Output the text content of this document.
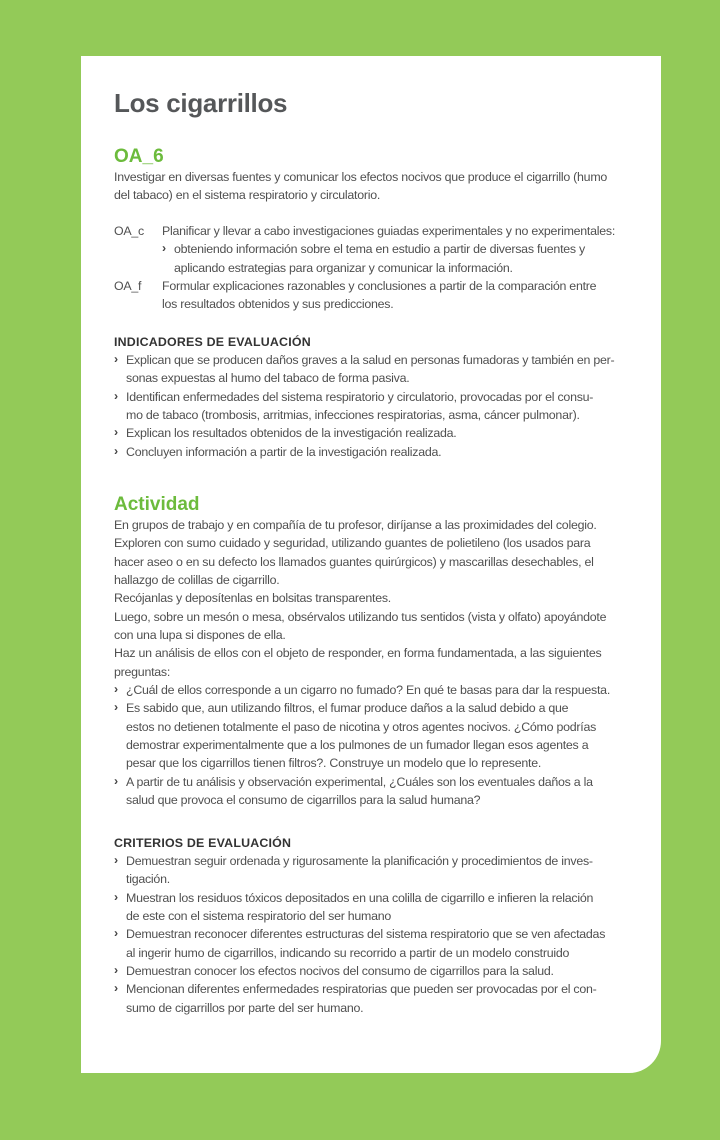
Los cigarrillos
OA_6
Investigar en diversas fuentes y comunicar los efectos nocivos que produce el cigarrillo (humo
del tabaco) en el sistema respiratorio y circulatorio.
OA_c Planificar y llevar a cabo investigaciones guiadas experimentales y no experimentales:
› obteniendo información sobre el tema en estudio a partir de diversas fuentes y
aplicando estrategias para organizar y comunicar la información.
OA_f Formular explicaciones razonables y conclusiones a partir de la comparación entre
los resultados obtenidos y sus predicciones.
INDICADORES DE EVALUACIÓN
› Explican que se producen daños graves a la salud en personas fumadoras y también en per-
sonas expuestas al humo del tabaco de forma pasiva.
› Identifican enfermedades del sistema respiratorio y circulatorio, provocadas por el consu-
mo de tabaco (trombosis, arritmias, infecciones respiratorias, asma, cáncer pulmonar).
› Explican los resultados obtenidos de la investigación realizada.
› Concluyen información a partir de la investigación realizada.
Actividad
En grupos de trabajo y en compañía de tu profesor, diríjanse a las proximidades del colegio.
Exploren con sumo cuidado y seguridad, utilizando guantes de polietileno (los usados para
hacer aseo o en su defecto los llamados guantes quirúrgicos) y mascarillas desechables, el
hallazgo de colillas de cigarrillo.
Recójanlas y deposítenlas en bolsitas transparentes.
Luego, sobre un mesón o mesa, obsérvalos utilizando tus sentidos (vista y olfato) apoyándote
con una lupa si dispones de ella.
Haz un análisis de ellos con el objeto de responder, en forma fundamentada, a las siguientes
preguntas:
› ¿Cuál de ellos corresponde a un cigarro no fumado? En qué te basas para dar la respuesta.
› Es sabido que, aun utilizando filtros, el fumar produce daños a la salud debido a que
estos no detienen totalmente el paso de nicotina y otros agentes nocivos. ¿Cómo podrías
demostrar experimentalmente que a los pulmones de un fumador llegan esos agentes a
pesar que los cigarrillos tienen filtros?. Construye un modelo que lo represente.
› A partir de tu análisis y observación experimental, ¿Cuáles son los eventuales daños a la
salud que provoca el consumo de cigarrillos para la salud humana?
CRITERIOS DE EVALUACIÓN
› Demuestran seguir ordenada y rigurosamente la planificación y procedimientos de inves-
tigación.
› Muestran los residuos tóxicos depositados en una colilla de cigarrillo e infieren la relación
de este con el sistema respiratorio del ser humano
› Demuestran reconocer diferentes estructuras del sistema respiratorio que se ven afectadas
al ingerir humo de cigarrillos, indicando su recorrido a partir de un modelo construido
› Demuestran conocer los efectos nocivos del consumo de cigarrillos para la salud.
› Mencionan diferentes enfermedades respiratorias que pueden ser provocadas por el con-
sumo de cigarrillos por parte del ser humano.
